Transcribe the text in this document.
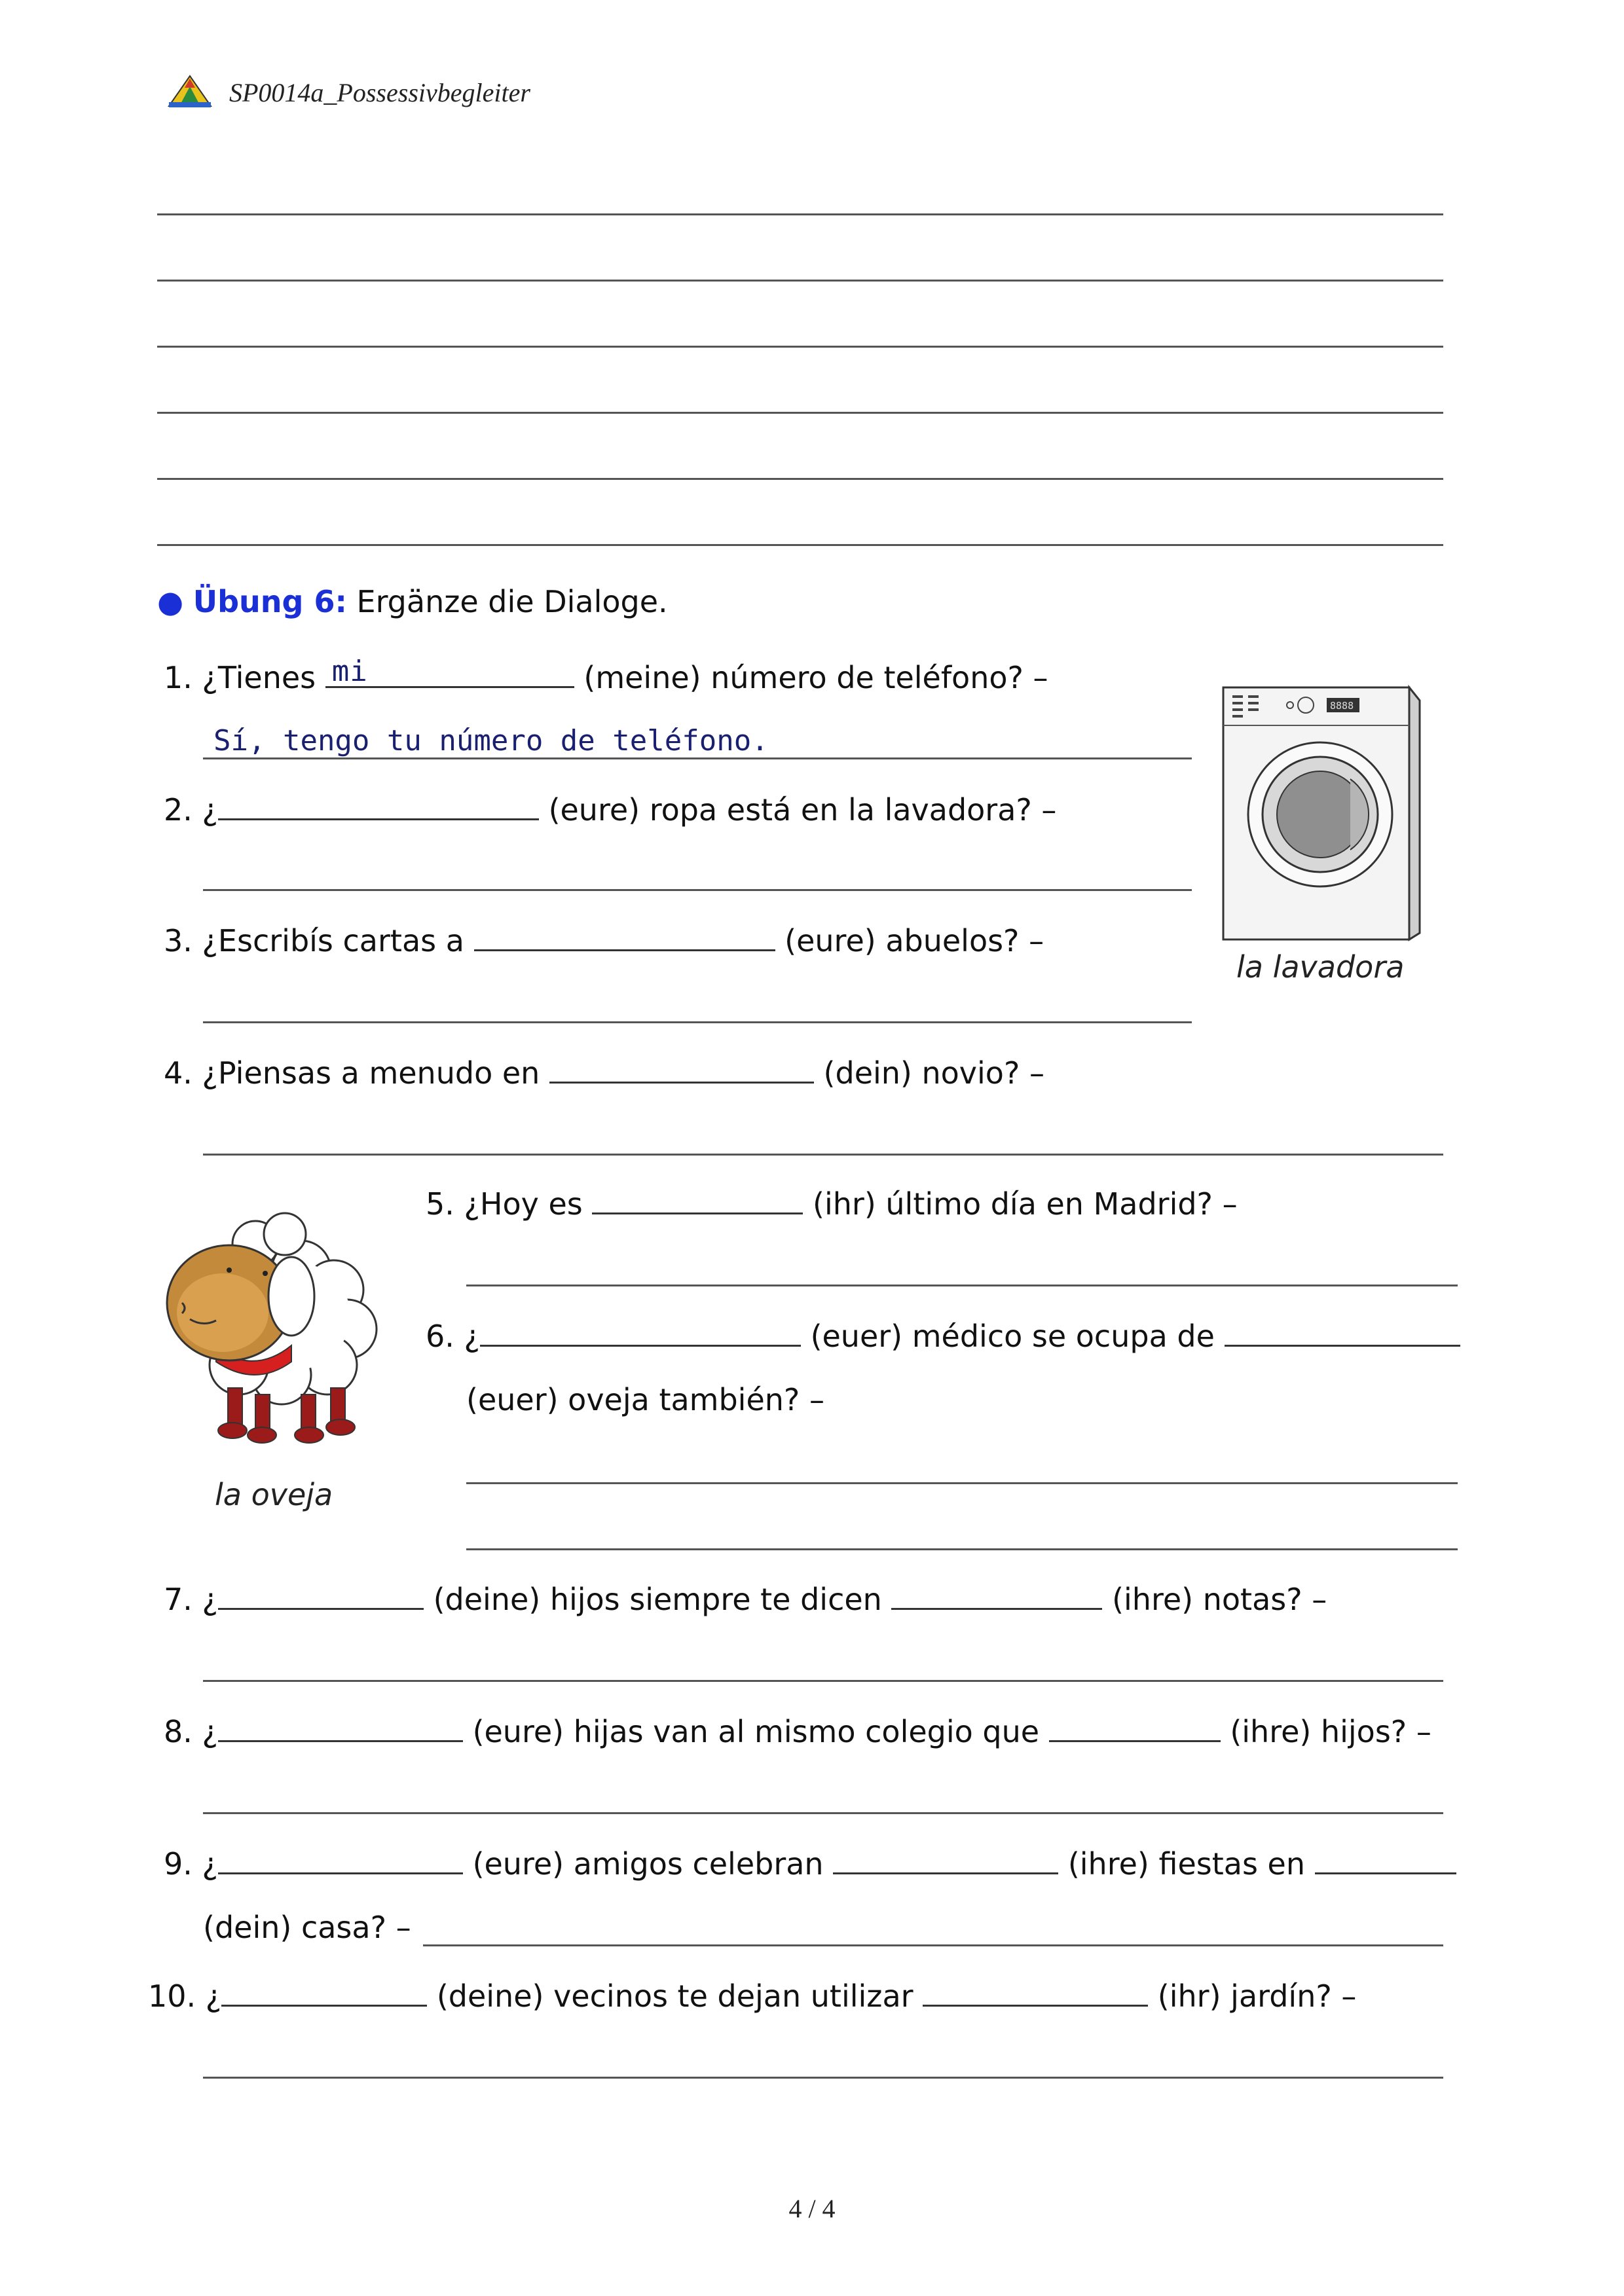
SP0014a_Possessivbegleiter
● Übung 6: Ergänze die Dialoge.
1. ¿Tienes mi	(meine) número de teléfono? –
Sí, tengo tu número de teléfono.
2. ¿	(eure) ropa está en la lavadora? –
3. ¿Escribís cartas a	(eure) abuelos? –
8888
la lavadora
4. ¿Piensas a menudo en	(dein) novio? –
la oveja
5. ¿Hoy es	(ihr) último día en Madrid? –
6. ¿	(euer) médico se ocupa de
(euer) oveja también? –
7. ¿	(deine) hijos siempre te dicen	(ihre) notas? –
8. ¿	(eure) hijas van al mismo colegio que	(ihre) hijos? –
9. ¿	(eure) amigos celebran	(ihre) fiestas en
(dein) casa? –
10. ¿	(deine) vecinos te dejan utilizar	(ihr) jardín? –
4 / 4
